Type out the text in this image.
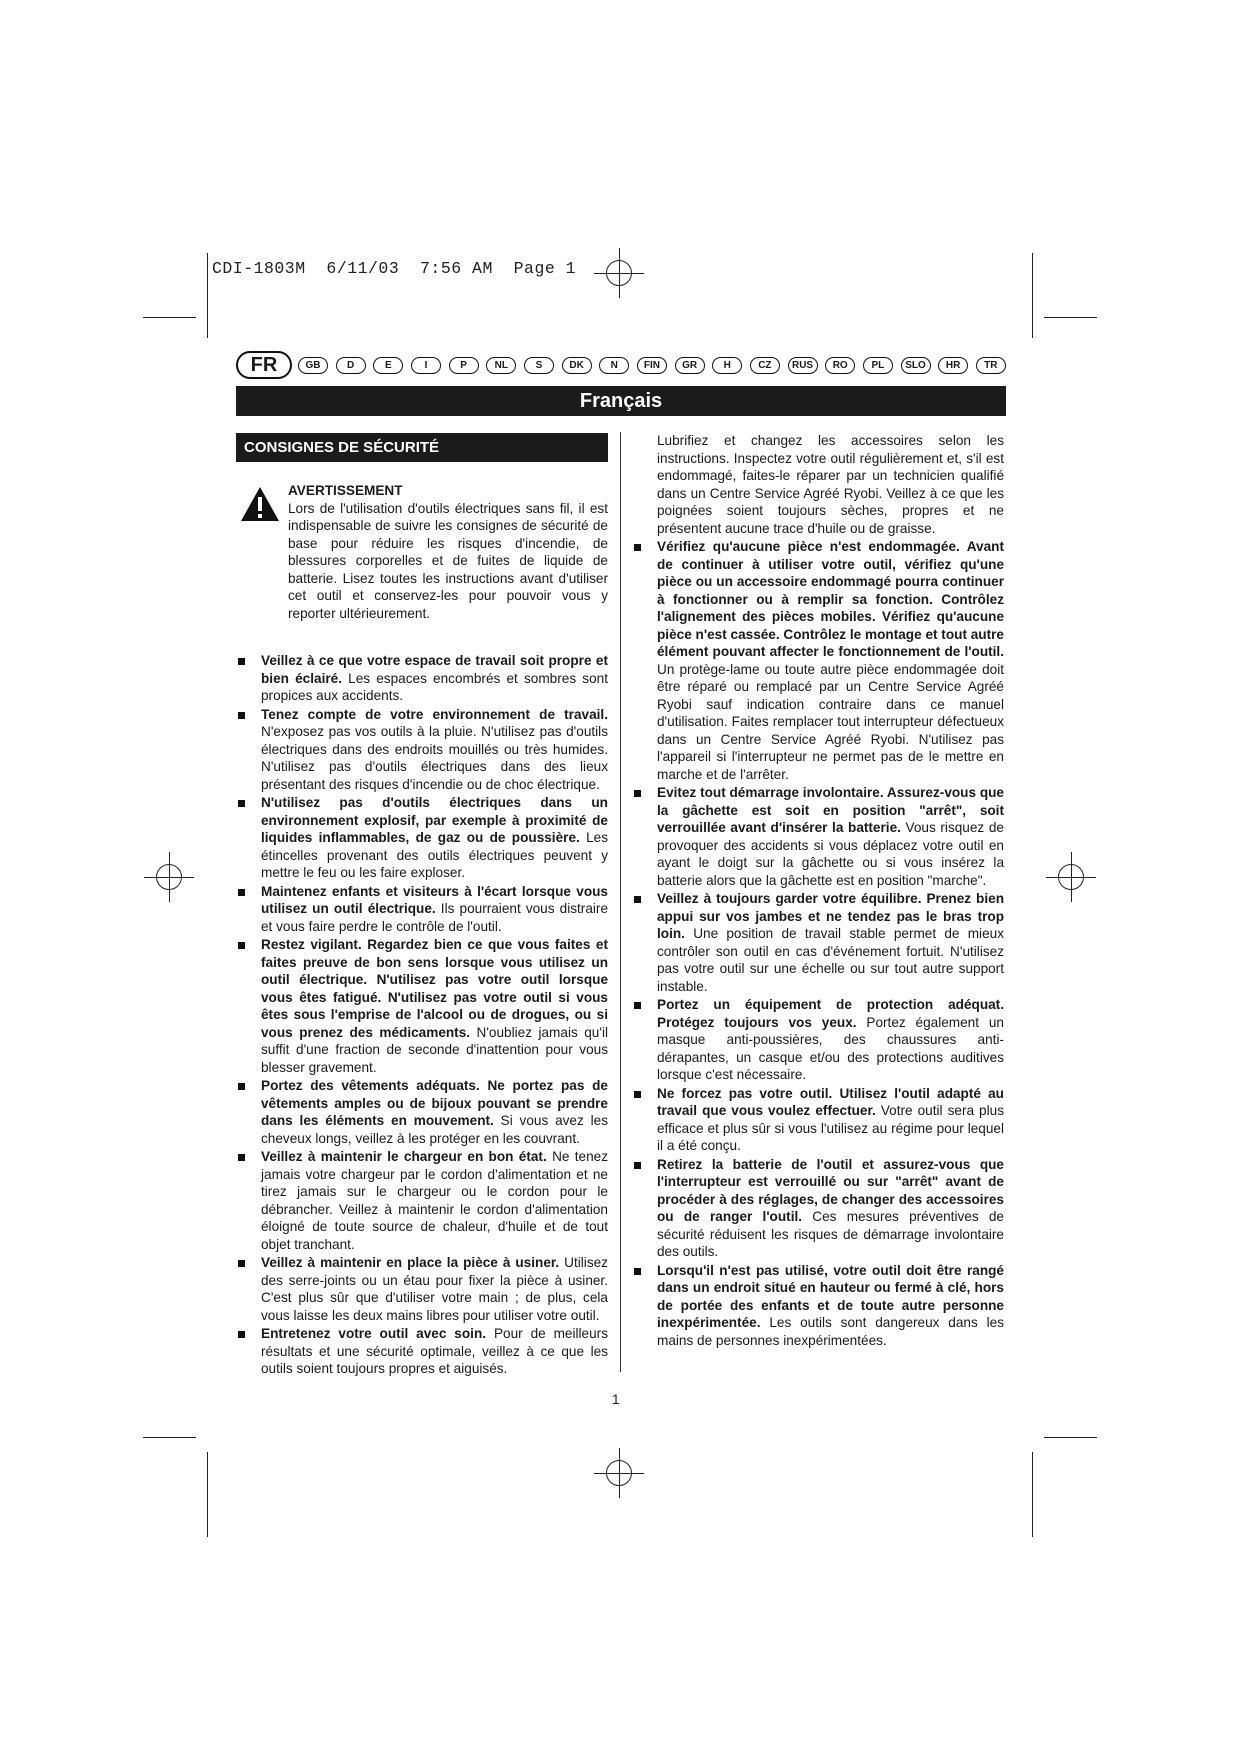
CDI-1803M  6/11/03  7:56 AM  Page 1
FR	GB	D	E	I	P	NL	S	DK	N	FIN	GR	H	CZ	RUS	RO	PL	SLO	HR	TR
Français
CONSIGNES DE SÉCURITÉ
AVERTISSEMENT
Lors de l'utilisation d'outils électriques sans fil, il est indispensable de suivre les consignes de sécurité de base pour réduire les risques d'incendie, de blessures corporelles et de fuites de liquide de batterie. Lisez toutes les instructions avant d'utiliser cet outil et conservez-les pour pouvoir vous y reporter ultérieurement.
Veillez à ce que votre espace de travail soit propre et bien éclairé. Les espaces encombrés et sombres sont propices aux accidents.
Tenez compte de votre environnement de travail. N'exposez pas vos outils à la pluie. N'utilisez pas d'outils électriques dans des endroits mouillés ou très humides. N'utilisez pas d'outils électriques dans des lieux présentant des risques d'incendie ou de choc électrique.
N'utilisez pas d'outils électriques dans un environnement explosif, par exemple à proximité de liquides inflammables, de gaz ou de poussière. Les étincelles provenant des outils électriques peuvent y mettre le feu ou les faire exploser.
Maintenez enfants et visiteurs à l'écart lorsque vous utilisez un outil électrique. Ils pourraient vous distraire et vous faire perdre le contrôle de l'outil.
Restez vigilant. Regardez bien ce que vous faites et faites preuve de bon sens lorsque vous utilisez un outil électrique. N'utilisez pas votre outil lorsque vous êtes fatigué. N'utilisez pas votre outil si vous êtes sous l'emprise de l'alcool ou de drogues, ou si vous prenez des médicaments. N'oubliez jamais qu'il suffit d'une fraction de seconde d'inattention pour vous blesser gravement.
Portez des vêtements adéquats. Ne portez pas de vêtements amples ou de bijoux pouvant se prendre dans les éléments en mouvement. Si vous avez les cheveux longs, veillez à les protéger en les couvrant.
Veillez à maintenir le chargeur en bon état. Ne tenez jamais votre chargeur par le cordon d'alimentation et ne tirez jamais sur le chargeur ou le cordon pour le débrancher. Veillez à maintenir le cordon d'alimentation éloigné de toute source de chaleur, d'huile et de tout objet tranchant.
Veillez à maintenir en place la pièce à usiner. Utilisez des serre-joints ou un étau pour fixer la pièce à usiner. C'est plus sûr que d'utiliser votre main ; de plus, cela vous laisse les deux mains libres pour utiliser votre outil.
Entretenez votre outil avec soin. Pour de meilleurs résultats et une sécurité optimale, veillez à ce que les outils soient toujours propres et aiguisés.
Lubrifiez et changez les accessoires selon les instructions. Inspectez votre outil régulièrement et, s'il est endommagé, faites-le réparer par un technicien qualifié dans un Centre Service Agréé Ryobi. Veillez à ce que les poignées soient toujours sèches, propres et ne présentent aucune trace d'huile ou de graisse.
Vérifiez qu'aucune pièce n'est endommagée. Avant de continuer à utiliser votre outil, vérifiez qu'une pièce ou un accessoire endommagé pourra continuer à fonctionner ou à remplir sa fonction. Contrôlez l'alignement des pièces mobiles. Vérifiez qu'aucune pièce n'est cassée. Contrôlez le montage et tout autre élément pouvant affecter le fonctionnement de l'outil. Un protège-lame ou toute autre pièce endommagée doit être réparé ou remplacé par un Centre Service Agréé Ryobi sauf indication contraire dans ce manuel d'utilisation. Faites remplacer tout interrupteur défectueux dans un Centre Service Agréé Ryobi. N'utilisez pas l'appareil si l'interrupteur ne permet pas de le mettre en marche et de l'arrêter.
Evitez tout démarrage involontaire. Assurez-vous que la gâchette est soit en position "arrêt", soit verrouillée avant d'insérer la batterie. Vous risquez de provoquer des accidents si vous déplacez votre outil en ayant le doigt sur la gâchette ou si vous insérez la batterie alors que la gâchette est en position "marche".
Veillez à toujours garder votre équilibre. Prenez bien appui sur vos jambes et ne tendez pas le bras trop loin. Une position de travail stable permet de mieux contrôler son outil en cas d'événement fortuit. N'utilisez pas votre outil sur une échelle ou sur tout autre support instable.
Portez un équipement de protection adéquat. Protégez toujours vos yeux. Portez également un masque anti-poussières, des chaussures anti-dérapantes, un casque et/ou des protections auditives lorsque c'est nécessaire.
Ne forcez pas votre outil. Utilisez l'outil adapté au travail que vous voulez effectuer. Votre outil sera plus efficace et plus sûr si vous l'utilisez au régime pour lequel il a été conçu.
Retirez la batterie de l'outil et assurez-vous que l'interrupteur est verrouillé ou sur "arrêt" avant de procéder à des réglages, de changer des accessoires ou de ranger l'outil. Ces mesures préventives de sécurité réduisent les risques de démarrage involontaire des outils.
Lorsqu'il n'est pas utilisé, votre outil doit être rangé dans un endroit situé en hauteur ou fermé à clé, hors de portée des enfants et de toute autre personne inexpérimentée. Les outils sont dangereux dans les mains de personnes inexpérimentées.
1
